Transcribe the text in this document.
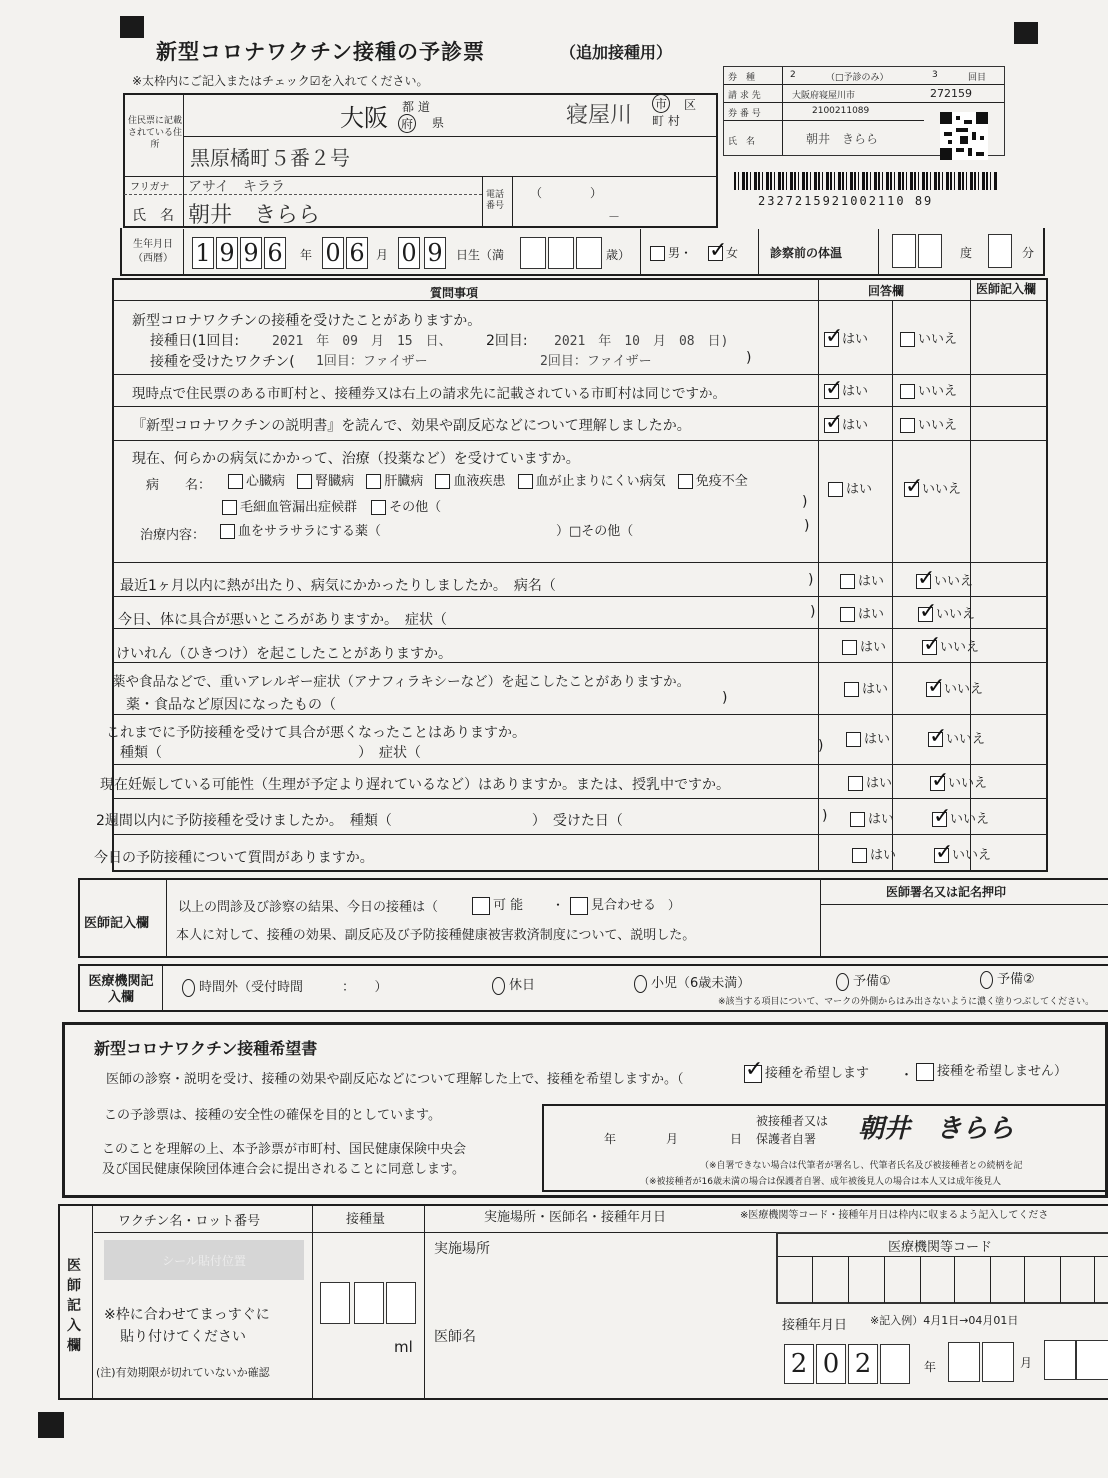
新型コロナワクチン接種の予診票	（追加接種用）
※太枠内にご記入またはチェック☑を入れてください。	券　種	2	（□予診のみ）	3	回目
請 求 先	大阪府寝屋川市	272159
券 番 号	2100211089
氏　名	朝井　きらら
2327215921002110 89
住民票に記載されている住所
大阪 都 道
府 県	寝屋川 市 区
町 村
黒原橘町５番２号
フリガナ アサイ　キララ
氏　名 朝井　きらら
電話番号
（　　　　）
－
生年月日（西暦） 1 9 9 6 年 0 6 月 0 9 日生（満	歳）	男・ ✓	女	診察前の体温	度	分
質問事項	回答欄	医師記入欄
新型コロナワクチンの接種を受けたことがありますか。
接種日(1回目:	2021　年　09　月　15　日、 2回目: 2021　年　10　月　08　日)
接種を受けたワクチン( 1回目：ファイザー	2回目：ファイザー	)
✓はい	いいえ
現時点で住民票のある市町村と、接種券又は右上の請求先に記載されている市町村は同じですか。 ✓	はい	いいえ
『新型コロナワクチンの説明書』を読んで、効果や副反応などについて理解しましたか。 ✓	はい	いいえ
現在、何らかの病気にかかって、治療（投薬など）を受けていますか。
病　　名：	心臓病 腎臓病 肝臓病 血液疾患 血が止まりにくい病気 免疫不全
毛細血管漏出症候群 その他（	)
治療内容：	血をサラサラにする薬（	）□その他（	)
はい ✓	いいえ
最近1ヶ月以内に熱が出たり、病気にかかったりしましたか。　病名（	)	はい ✓	いいえ
今日、体に具合が悪いところがありますか。　症状（	)	はい ✓	いいえ
けいれん（ひきつけ）を起こしたことがありますか。	はい ✓	いいえ
薬や食品などで、重いアレルギー症状（アナフィラキシーなど）を起こしたことがありますか。
薬・食品など原因になったもの（	)
はい ✓	いいえ
これまでに予防接種を受けて具合が悪くなったことはありますか。
種類（　　　　　　　　　　　　　　）　症状（	)	はい ✓	いいえ
現在妊娠している可能性（生理が予定より遅れているなど）はありますか。または、授乳中ですか。	はい ✓	いいえ
2週間以内に予防接種を受けましたか。　種類（　　　　　　　　　　）　受けた日（	)	はい ✓	いいえ
今日の予防接種について質問がありますか。	はい ✓	いいえ
医師記入欄
以上の問診及び診察の結果、今日の接種は（	可 能 ・	見合わせる ）
本人に対して、接種の効果、副反応及び予防接種健康被害救済制度について、説明した。
医師署名又は記名押印
医療機関記入欄
時間外（受付時間　　　：　　）	休日	小児（6歳未満）	予備①	予備②
※該当する項目について、マークの外側からはみ出さないように濃く塗りつぶしてください。
新型コロナワクチン接種希望書
医師の診察・説明を受け、接種の効果や副反応などについて理解した上で、接種を希望しますか。（ ✓	接種を希望します ・	接種を希望しません）
この予診票は、接種の安全性の確保を目的としています。
このことを理解の上、本予診票が市町村、国民健康保険中央会
及び国民健康保険団体連合会に提出されることに同意します。
年	月	日
被接種者又は
保護者自署 朝井　きらら
（※自署できない場合は代筆者が署名し、代筆者氏名及び被接種者との続柄を記
（※被接種者が16歳未満の場合は保護者自署、成年被後見人の場合は本人又は成年後見人
医師記入欄
ワクチン名・ロット番号	接種量	実施場所・医師名・接種年月日	※医療機関等コード・接種年月日は枠内に収まるよう記入してくださ
シール貼付位置
※枠に合わせてまっすぐに
貼り付けてください
(注)有効期限が切れていないか確認
ml
実施場所
医師名
医療機関等コード
接種年月日 ※記入例）4月1日→04月01日
2 0 2	年	月
